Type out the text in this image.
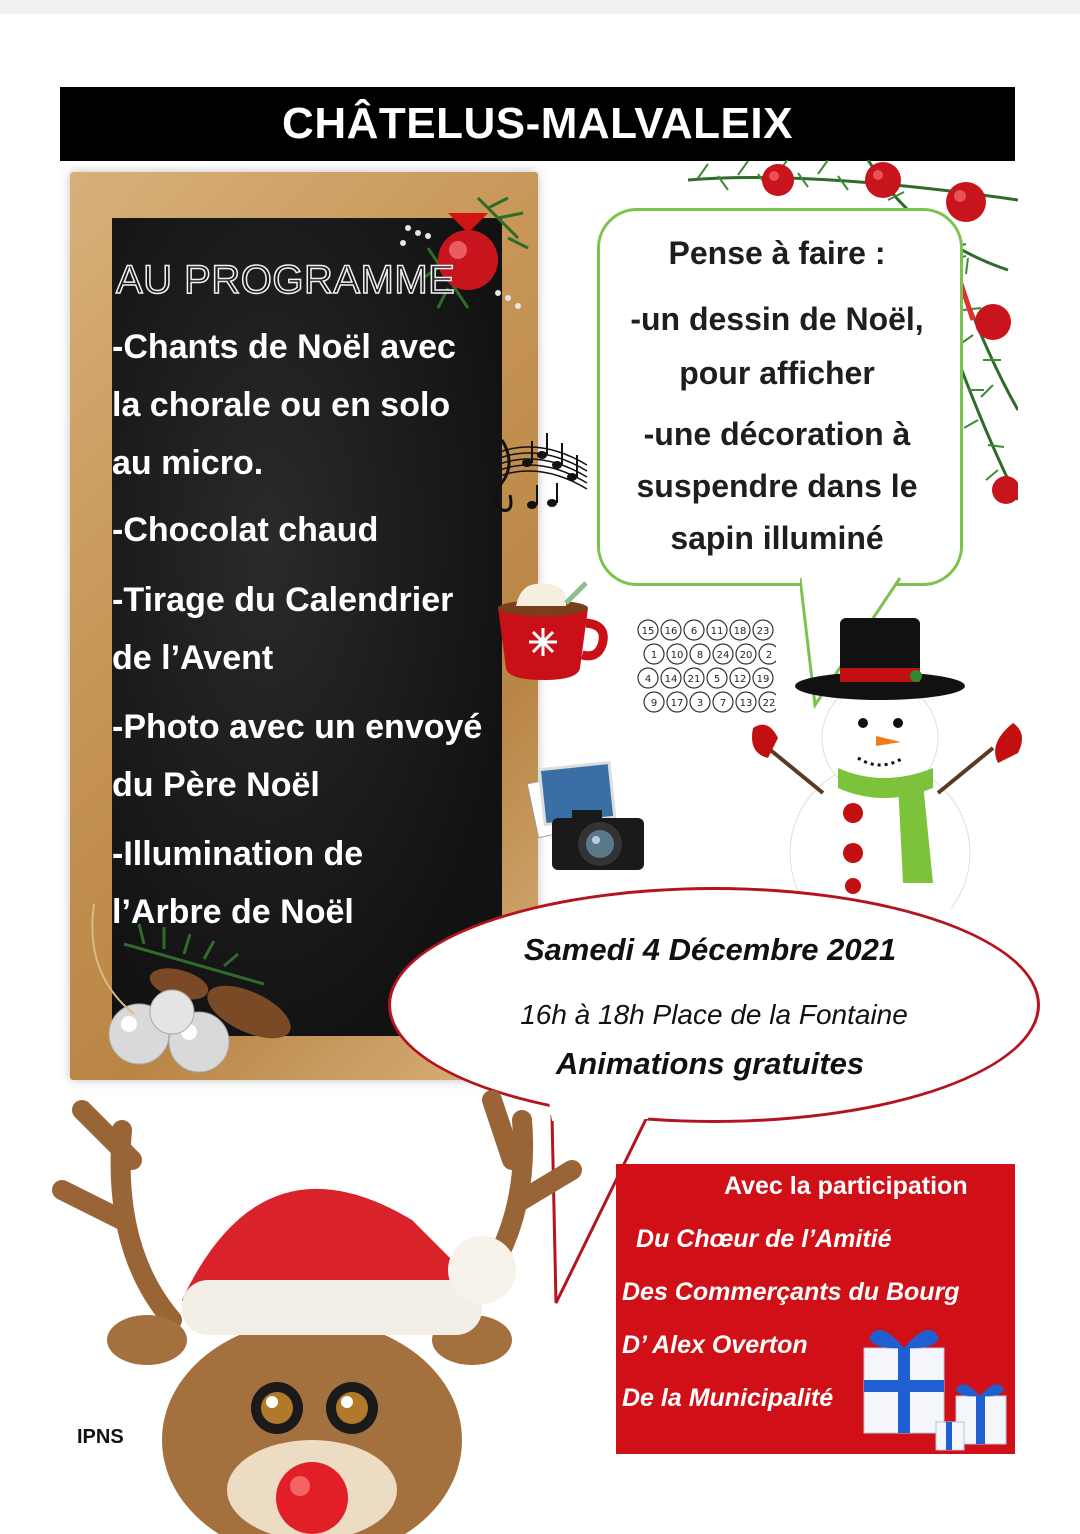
CHÂTELUS-MALVALEIX
AU PROGRAMME
-Chants de Noël avec
la chorale ou en solo
au micro.
-Chocolat chaud
-Tirage du Calendrier
de l’Avent
-Photo avec un envoyé
du Père Noël
-Illumination de
l’Arbre de Noël
Pense à faire :
-un dessin de Noël,
pour afficher
-une décoration à
suspendre dans le
sapin illuminé
15 16 6 11 18 23
1 10 8 24 20 2
4 14 21 5 12 19
9 17 3 7 13 22
Samedi 4 Décembre 2021
16h à 18h Place de la Fontaine
Animations gratuites
Avec la participation
Du Chœur de l’Amitié
Des Commerçants du Bourg
D’ Alex Overton
De la Municipalité
IPNS
